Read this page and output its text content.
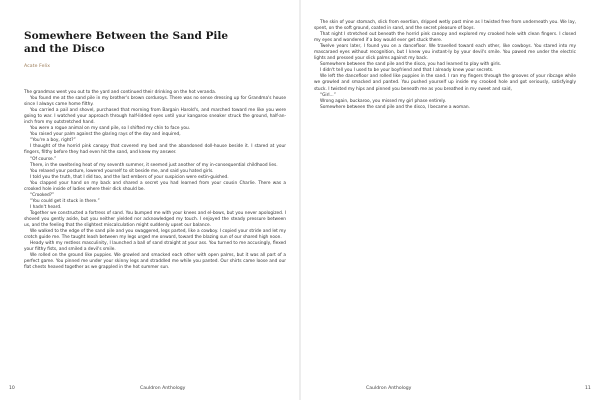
Somewhere Between the Sand Pile
and the Disco
Acate Felix

The grandmas went you out to the yard and continued their drinking on the hot veranda.

You found me at the sand pile in my brother's brown corduroys. There was no sense dressing up for Grandma's house since I always came home filthy.

You carried a pail and shovel, purchased that morning from Bargain Harold's, and marched toward me like you were going to war. I watched your approach through half-lidded eyes until your kangaroo sneaker struck the ground, half-an-inch from my outstretched hand.

You were a rogue animal on my sand pile, so I shifted my chin to face you.

You raised your palm against the glaring rays of the day and inquired,

“You're a boy, right?”

I thought of the horrid pink canopy that covered my bed and the abandoned doll-house beside it. I stared at your fingers, filthy before they had even hit the sand, and knew my answer.

“Of course.”

There, in the sweltering heat of my seventh summer, it seemed just another of my in-consequential childhood lies.

You relaxed your posture, lowered yourself to sit beside me, and said you hated girls.

I told you the truth, that I did too, and the last embers of your suspicion were extin-guished.

You clapped your hand on my back and shared a secret you had learned from your cousin Charlie. There was a crooked hole inside of ladies where their dick should be.

“Crooked?”

“You could get it stuck in there.”

I hadn't heard.

Together we constructed a fortress of sand. You bumped me with your knees and el-bows, but you never apologized. I shoved you gently aside, but you neither yielded nor acknowledged my touch. I enjoyed the steady pressure between us, and the feeling that the slightest miscalculation might suddenly upset our balance.

We walked to the edge of the sand pile and you swaggered, legs parted, like a cowboy. I copied your stride and let my crotch guide me. The taught leash between my legs urged me onward, toward the blazing sun of our shared high noon.

Heady with my restless masculinity, I launched a ball of sand straight at your ass. You turned to me accusingly, flexed your filthy fists, and smiled a devil's smile.

We rolled on the ground like puppies. We growled and smacked each other with open palms, but it was all part of a perfect game. You pinned me under your skinny legs and straddled me while you panted. Our shirts came loose and our flat chests heaved together as we grappled in the hot summer sun.

The skin of your stomach, slick from exertion, dripped wetly past mine as I twisted free from underneath you. We lay, spent, on the soft ground, coated in sand, and the secret pleasure of boys.

That night I stretched out beneath the horrid pink canopy and explored my crooked hole with clean fingers. I closed my eyes and wondered if a boy would ever get stuck there.

Twelve years later, I found you on a dancefloor. We travelled toward each other, like cowboys. You stared into my mascaraed eyes without recognition, but I knew you instant-ly by your devil's smile. You pawed me under the electric lights and pressed your slick palms against my back.

Somewhere between the sand pile and the disco, you had learned to play with girls.

I didn't tell you I used to be your boyfriend and that I already knew your secrets.

We left the dancefloor and rolled like puppies in the sand. I ran my fingers through the grooves of your ribcage while we growled and smacked and panted. You pushed yourself up inside my crooked hole and got seriously, satisfyingly stuck. I twisted my hips and pinned you beneath me as you breathed in my sweet and said,

“Girl...”

Wrong again, buckaroo, you missed my girl phase entirely.

Somewhere between the sand pile and the disco, I became a woman.

10	Cauldron Anthology	Cauldron Anthology	11
